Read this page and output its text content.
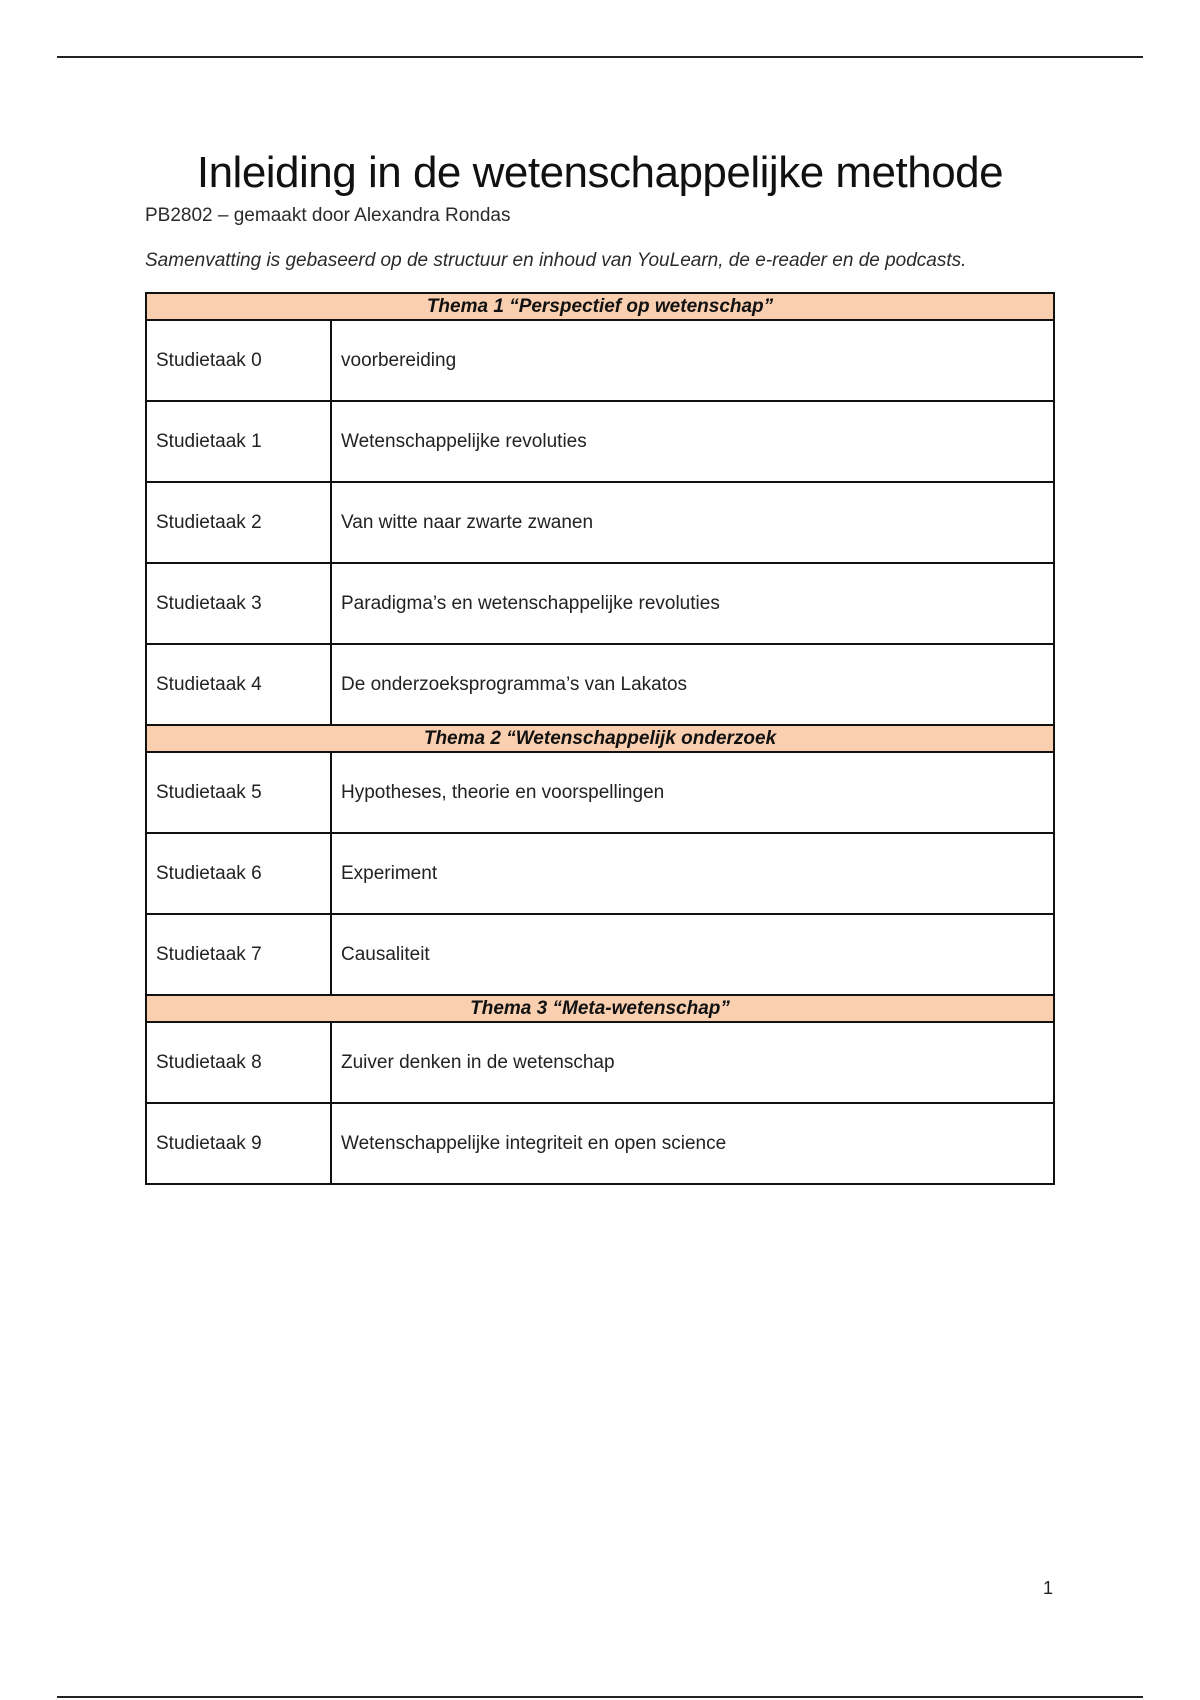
Inleiding in de wetenschappelijke methode
PB2802 – gemaakt door Alexandra Rondas
Samenvatting is gebaseerd op de structuur en inhoud van YouLearn, de e-reader en de podcasts.
Thema 1 “Perspectief op wetenschap”	
Studietaak 0	voorbereiding
Studietaak 1	Wetenschappelijke revoluties
Studietaak 2	Van witte naar zwarte zwanen
Studietaak 3	Paradigma’s en wetenschappelijke revoluties
Studietaak 4	De onderzoeksprogramma’s van Lakatos
Thema 2 “Wetenschappelijk onderzoek	
Studietaak 5	Hypotheses, theorie en voorspellingen
Studietaak 6	Experiment
Studietaak 7	Causaliteit
Thema 3 “Meta-wetenschap”	
Studietaak 8	Zuiver denken in de wetenschap
Studietaak 9	Wetenschappelijke integriteit en open science
1
